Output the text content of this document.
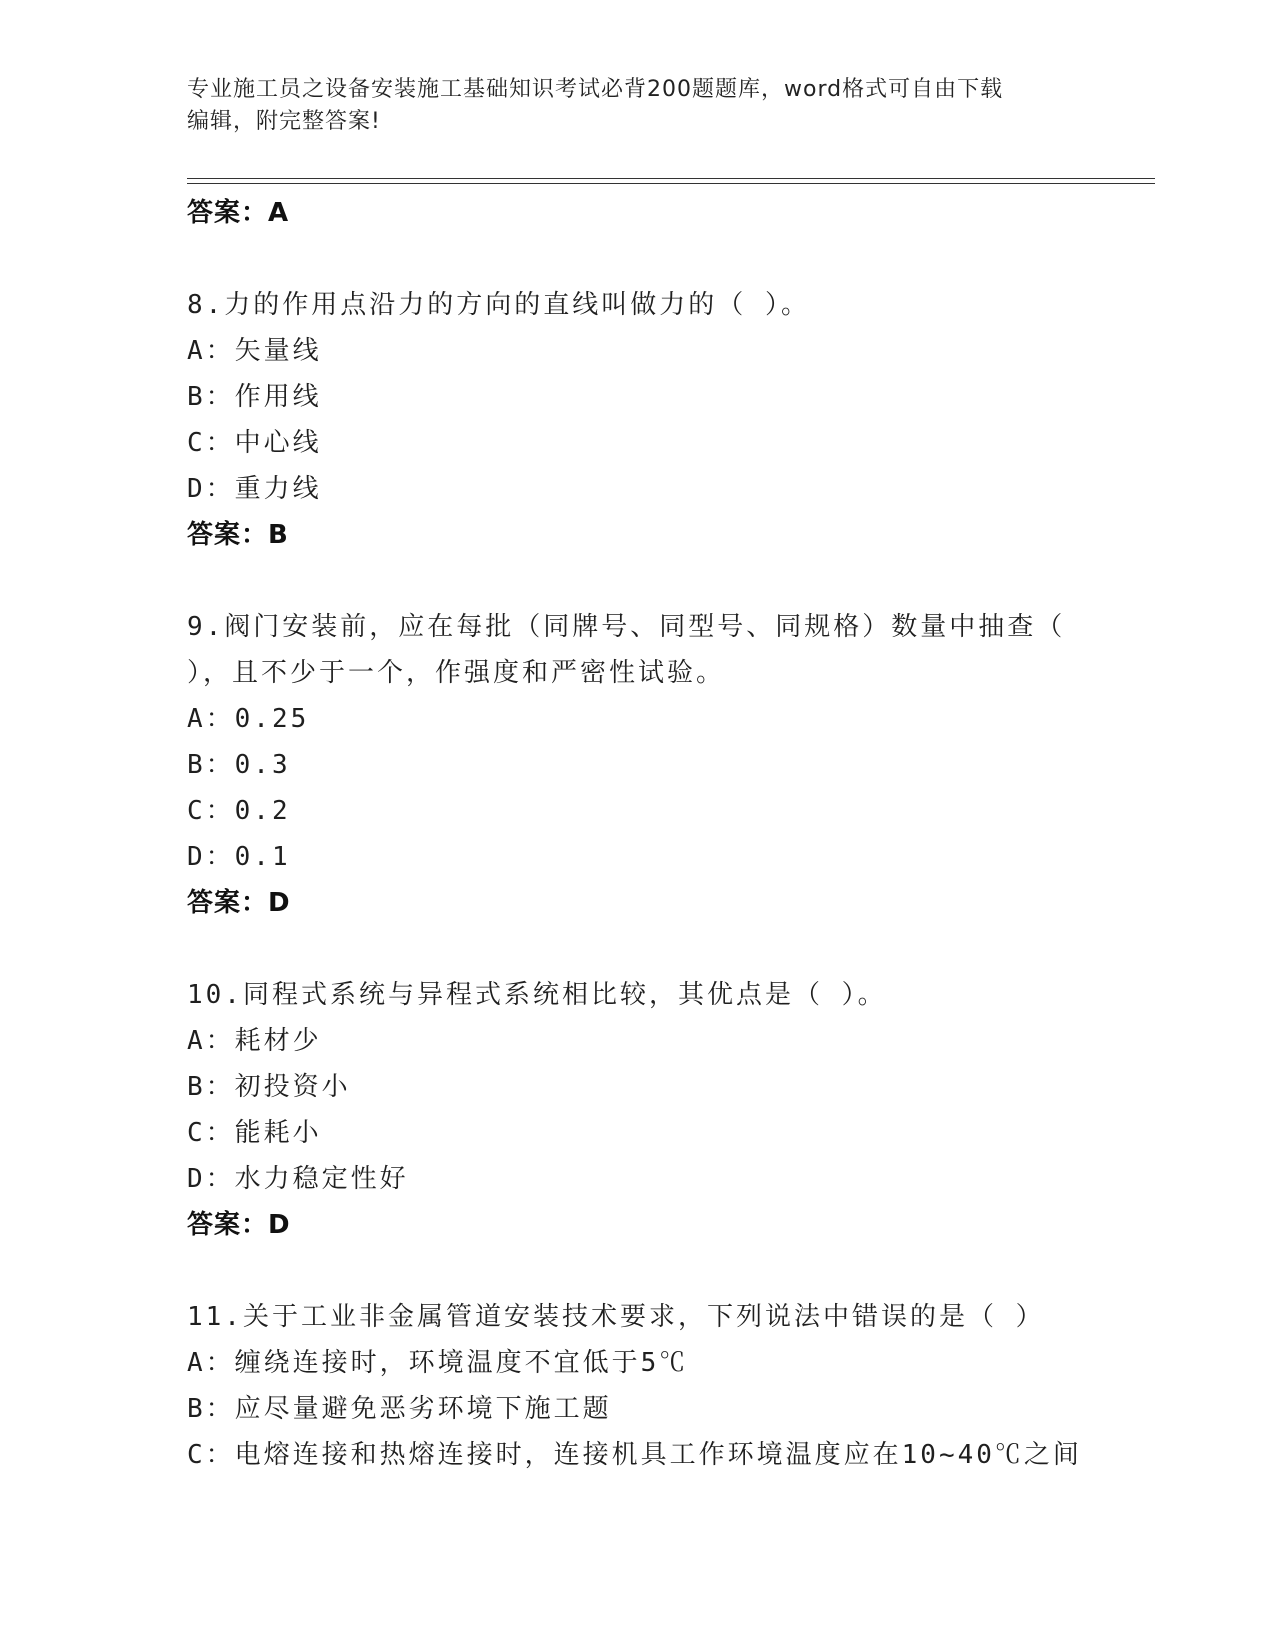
专业施工员之设备安装施工基础知识考试必背200题题库，word格式可自由下载
编辑，附完整答案!
答案：A
8.力的作用点沿力的方向的直线叫做力的（ ）。
A：矢量线
B：作用线
C：中心线
D：重力线
答案：B
9.阀门安装前，应在每批（同牌号、同型号、同规格）数量中抽查（
），且不少于一个，作强度和严密性试验。
A：0.25
B：0.3
C：0.2
D：0.1
答案：D
10.同程式系统与异程式系统相比较，其优点是（ ）。
A：耗材少
B：初投资小
C：能耗小
D：水力稳定性好
答案：D
11.关于工业非金属管道安装技术要求，下列说法中错误的是（ ）
A：缠绕连接时，环境温度不宜低于5℃
B：应尽量避免恶劣环境下施工题
C：电熔连接和热熔连接时，连接机具工作环境温度应在10~40℃之间
